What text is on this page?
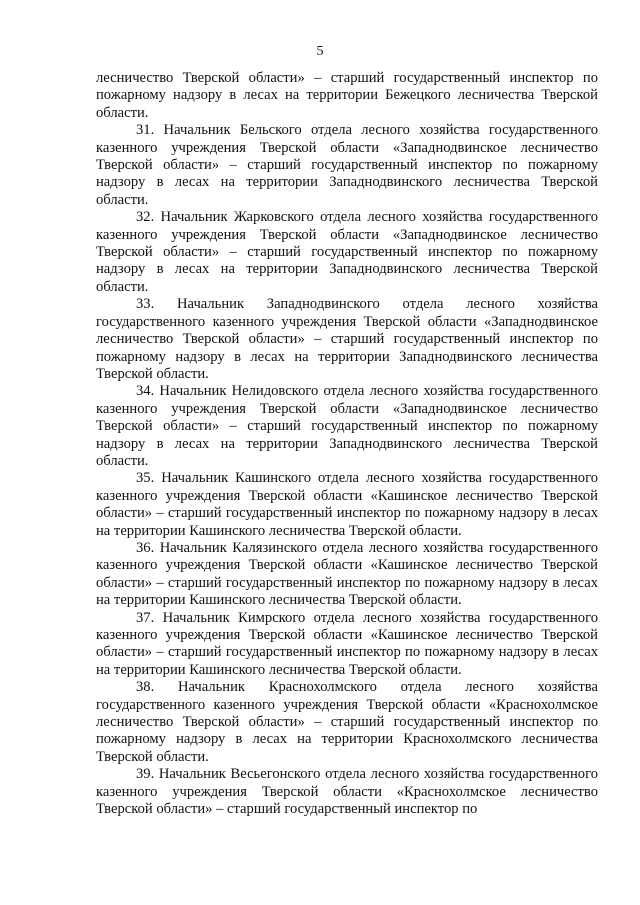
5

лесничество Тверской области» – старший государственный инспектор по пожарному надзору в лесах на территории Бежецкого лесничества Тверской области.

31. Начальник Бельского отдела лесного хозяйства государственного казенного учреждения Тверской области «Западнодвинское лесничество Тверской области» – старший государственный инспектор по пожарному надзору в лесах на территории Западнодвинского лесничества Тверской области.

32. Начальник Жарковского отдела лесного хозяйства государственного казенного учреждения Тверской области «Западнодвинское лесничество Тверской области» – старший государственный инспектор по пожарному надзору в лесах на территории Западнодвинского лесничества Тверской области.

33. Начальник Западнодвинского отдела лесного хозяйства государственного казенного учреждения Тверской области «Западнодвинское лесничество Тверской области» – старший государственный инспектор по пожарному надзору в лесах на территории Западнодвинского лесничества Тверской области.

34. Начальник Нелидовского отдела лесного хозяйства государственного казенного учреждения Тверской области «Западнодвинское лесничество Тверской области» – старший государственный инспектор по пожарному надзору в лесах на территории Западнодвинского лесничества Тверской области.

35. Начальник Кашинского отдела лесного хозяйства государственного казенного учреждения Тверской области «Кашинское лесничество Тверской области» – старший государственный инспектор по пожарному надзору в лесах на территории Кашинского лесничества Тверской области.

36. Начальник Калязинского отдела лесного хозяйства государственного казенного учреждения Тверской области «Кашинское лесничество Тверской области» – старший государственный инспектор по пожарному надзору в лесах на территории Кашинского лесничества Тверской области.

37. Начальник Кимрского отдела лесного хозяйства государственного казенного учреждения Тверской области «Кашинское лесничество Тверской области» – старший государственный инспектор по пожарному надзору в лесах на территории Кашинского лесничества Тверской области.

38. Начальник Краснохолмского отдела лесного хозяйства государственного казенного учреждения Тверской области «Краснохолмское лесничество Тверской области» – старший государственный инспектор по пожарному надзору в лесах на территории Краснохолмского лесничества Тверской области.

39. Начальник Весьегонского отдела лесного хозяйства государственного казенного учреждения Тверской области «Краснохолмское лесничество Тверской области» – старший государственный инспектор по
